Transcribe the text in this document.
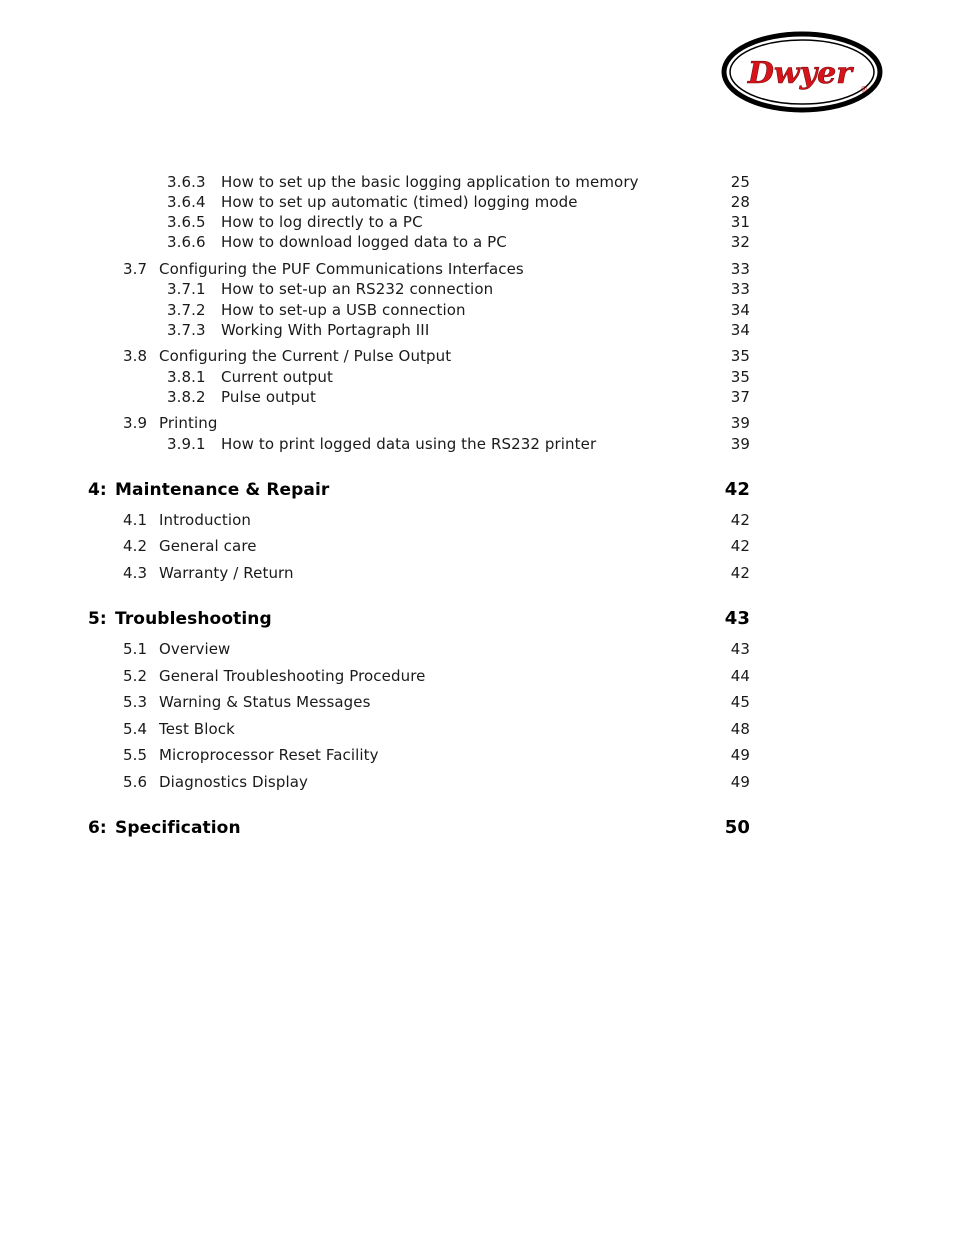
Dwyer ®
3.6.3 How to set up the basic logging application to memory	25
3.6.4 How to set up automatic (timed) logging mode	28
3.6.5 How to log directly to a PC	31
3.6.6 How to download logged data to a PC	32
3.7 Configuring the PUF Communications Interfaces	33
3.7.1 How to set-up an RS232 connection	33
3.7.2 How to set-up a USB connection	34
3.7.3 Working With Portagraph III	34
3.8 Configuring the Current / Pulse Output	35
3.8.1 Current output	35
3.8.2 Pulse output	37
3.9 Printing	39
3.9.1 How to print logged data using the RS232 printer	39
4: Maintenance & Repair	42
4.1 Introduction	42
4.2 General care	42
4.3 Warranty / Return	42
5: Troubleshooting	43
5.1 Overview	43
5.2 General Troubleshooting Procedure	44
5.3 Warning & Status Messages	45
5.4 Test Block	48
5.5 Microprocessor Reset Facility	49
5.6 Diagnostics Display	49
6: Specification	50
